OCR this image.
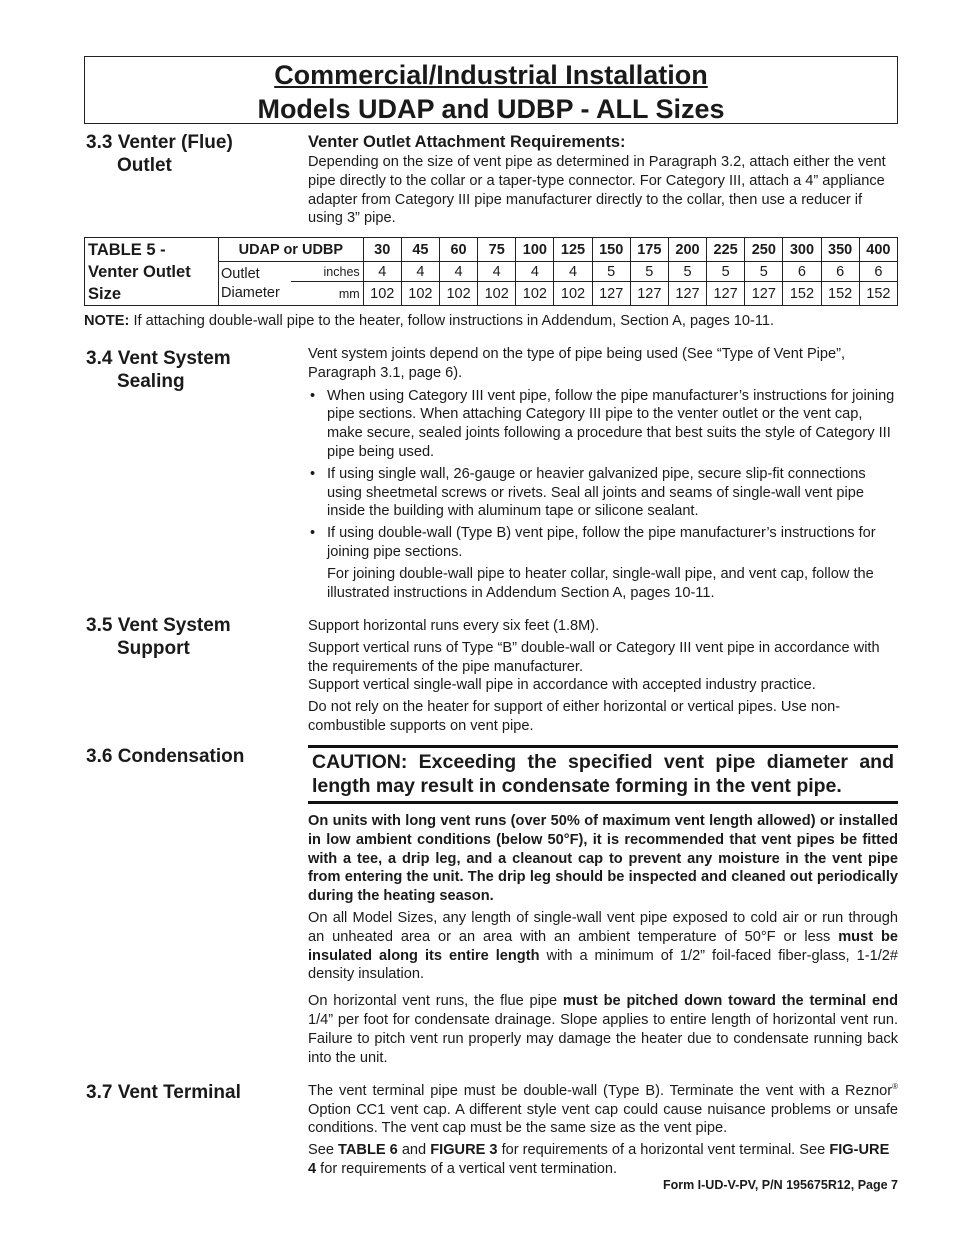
Commercial/Industrial Installation
Models UDAP and UDBP - ALL Sizes
3.3 Venter (Flue)
Outlet
Venter Outlet Attachment Requirements:

Depending on the size of vent pipe as determined in Paragraph 3.2, attach either the vent pipe directly to the collar or a taper-type connector. For Category III, attach a 4” appliance adapter from Category III pipe manufacturer directly to the collar, then use a reducer if using 3” pipe.

TABLE 5 -
Venter Outlet
Size	UDAP or UDBP		30	45	60	75	100	125	150	175	200	225	250	300	350	400
	Outlet
Diameter	inches	4	4	4	4	4	4	5	5	5	5	5	6	6	6
		mm	102	102	102	102	102	102	127	127	127	127	127	152	152	152
NOTE: If attaching double-wall pipe to the heater, follow instructions in Addendum, Section A, pages 10-11.
3.4 Vent System
Sealing

Vent system joints depend on the type of pipe being used (See “Type of Vent Pipe”, Paragraph 3.1, page 6).

• When using Category III vent pipe, follow the pipe manufacturer’s instructions for joining pipe sections. When attaching Category III pipe to the venter outlet or the vent cap, make secure, sealed joints following a procedure that best suits the style of Category III pipe being used.
• If using single wall, 26-gauge or heavier galvanized pipe, secure slip-fit connections using sheetmetal screws or rivets. Seal all joints and seams of single-wall vent pipe inside the building with aluminum tape or silicone sealant.
• If using double-wall (Type B) vent pipe, follow the pipe manufacturer’s instructions for joining pipe sections.

For joining double-wall pipe to heater collar, single-wall pipe, and vent cap, follow the illustrated instructions in Addendum Section A, pages 10-11.

3.5 Vent System
Support

Support horizontal runs every six feet (1.8M).

Support vertical runs of Type “B” double-wall or Category III vent pipe in accordance with the requirements of the pipe manufacturer.

Support vertical single-wall pipe in accordance with accepted industry practice.

Do not rely on the heater for support of either horizontal or vertical pipes. Use non-combustible supports on vent pipe.

3.6 Condensation	CAUTION: Exceeding the specified vent pipe diameter and length may result in condensate forming in the vent pipe.

On units with long vent runs (over 50% of maximum vent length allowed) or installed in low ambient conditions (below 50°F), it is recommended that vent pipes be fitted with a tee, a drip leg, and a cleanout cap to prevent any moisture in the vent pipe from entering the unit. The drip leg should be inspected and cleaned out periodically during the heating season.

On all Model Sizes, any length of single-wall vent pipe exposed to cold air or run through an unheated area or an area with an ambient temperature of 50°F or less must be insulated along its entire length with a minimum of 1/2” foil-faced fiber-glass, 1-1/2# density insulation.

On horizontal vent runs, the flue pipe must be pitched down toward the terminal end 1/4” per foot for condensate drainage. Slope applies to entire length of horizontal vent run. Failure to pitch vent run properly may damage the heater due to condensate running back into the unit.

3.7 Vent Terminal	The vent terminal pipe must be double-wall (Type B). Terminate the vent with a Reznor® Option CC1 vent cap. A different style vent cap could cause nuisance problems or unsafe conditions. The vent cap must be the same size as the vent pipe.

See TABLE 6 and FIGURE 3 for requirements of a horizontal vent terminal. See FIG-URE 4 for requirements of a vertical vent termination.

Form I-UD-V-PV, P/N 195675R12, Page 7
